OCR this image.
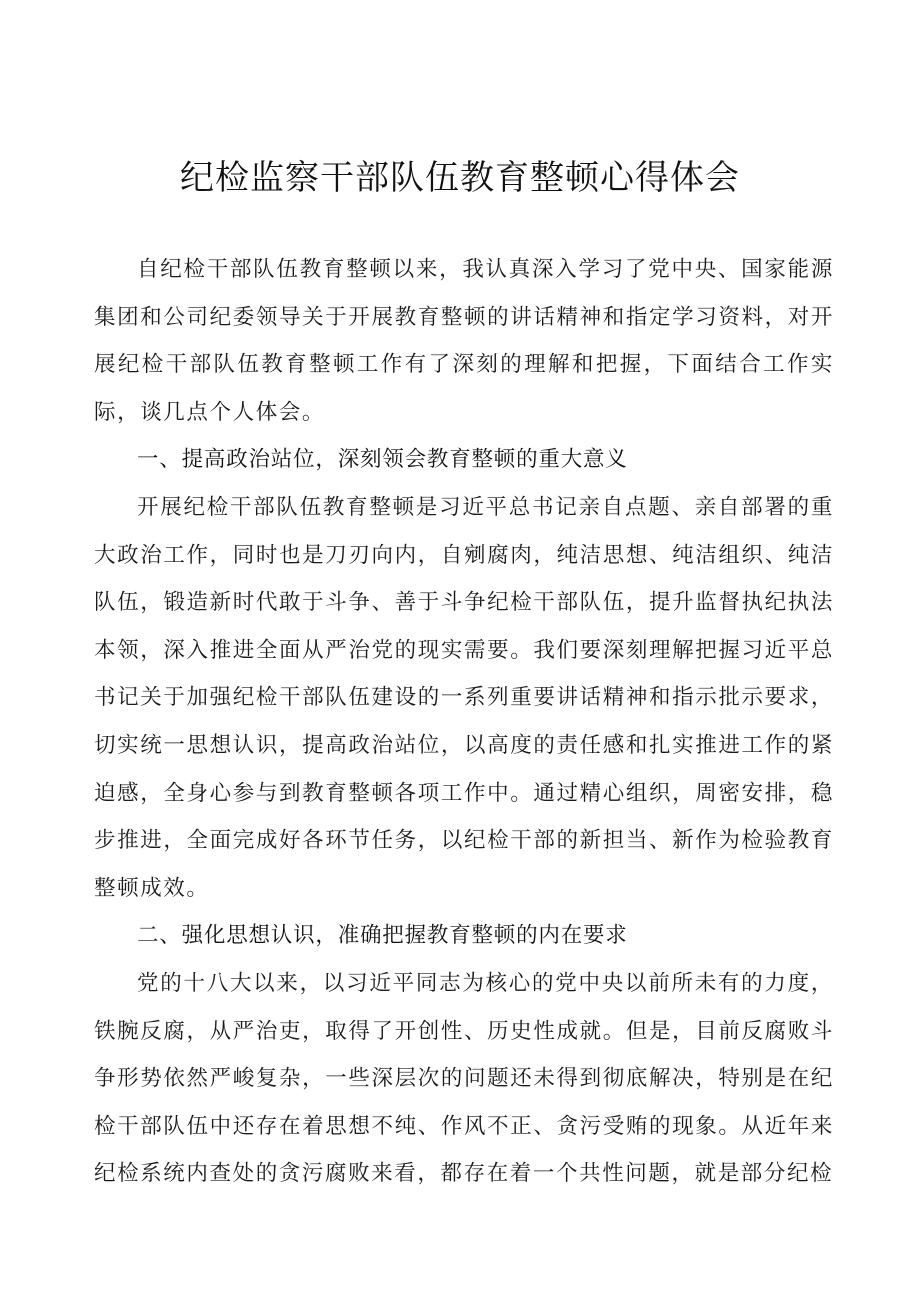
纪检监察干部队伍教育整顿心得体会

自纪检干部队伍教育整顿以来，我认真深入学习了党中央、国家能源集团和公司纪委领导关于开展教育整顿的讲话精神和指定学习资料，对开展纪检干部队伍教育整顿工作有了深刻的理解和把握，下面结合工作实际，谈几点个人体会。

一、提高政治站位，深刻领会教育整顿的重大意义

开展纪检干部队伍教育整顿是习近平总书记亲自点题、亲自部署的重大政治工作，同时也是刀刃向内，自剜腐肉，纯洁思想、纯洁组织、纯洁队伍，锻造新时代敢于斗争、善于斗争纪检干部队伍，提升监督执纪执法本领，深入推进全面从严治党的现实需要。我们要深刻理解把握习近平总书记关于加强纪检干部队伍建设的一系列重要讲话精神和指示批示要求，切实统一思想认识，提高政治站位，以高度的责任感和扎实推进工作的紧迫感，全身心参与到教育整顿各项工作中。通过精心组织，周密安排，稳步推进，全面完成好各环节任务，以纪检干部的新担当、新作为检验教育整顿成效。

二、强化思想认识，准确把握教育整顿的内在要求

党的十八大以来，以习近平同志为核心的党中央以前所未有的力度，铁腕反腐，从严治吏，取得了开创性、历史性成就。但是，目前反腐败斗争形势依然严峻复杂，一些深层次的问题还未得到彻底解决，特别是在纪检干部队伍中还存在着思想不纯、作风不正、贪污受贿的现象。从近年来纪检系统内查处的贪污腐败来看，都存在着一个共性问题，就是部分纪检
